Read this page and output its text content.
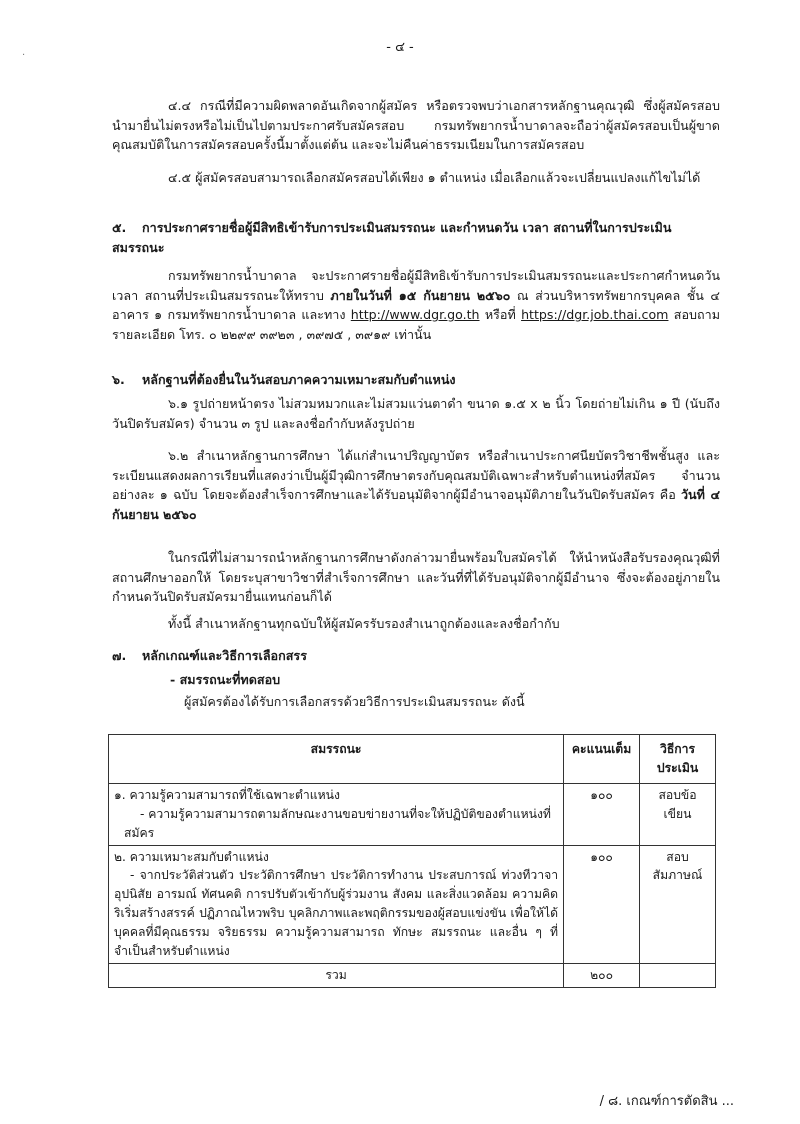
·
- ๔ -
๔.๔ กรณีที่มีความผิดพลาดอันเกิดจากผู้สมัคร หรือตรวจพบว่าเอกสารหลักฐานคุณวุฒิ ซึ่งผู้สมัครสอบนำมายื่นไม่ตรงหรือไม่เป็นไปตามประกาศรับสมัครสอบ กรมทรัพยากรน้ำบาดาลจะถือว่าผู้สมัครสอบเป็นผู้ขาดคุณสมบัติในการสมัครสอบครั้งนี้มาตั้งแต่ต้น และจะไม่คืนค่าธรรมเนียมในการสมัครสอบ
๔.๕ ผู้สมัครสอบสามารถเลือกสมัครสอบได้เพียง ๑ ตำแหน่ง เมื่อเลือกแล้วจะเปลี่ยนแปลงแก้ไขไม่ได้
๕. การประกาศรายชื่อผู้มีสิทธิเข้ารับการประเมินสมรรถนะ และกำหนดวัน เวลา สถานที่ในการประเมินสมรรถนะ
กรมทรัพยากรน้ำบาดาล จะประกาศรายชื่อผู้มีสิทธิเข้ารับการประเมินสมรรถนะและประกาศกำหนดวัน เวลา สถานที่ประเมินสมรรถนะให้ทราบ ภายในวันที่ ๑๕ กันยายน ๒๕๖๐ ณ ส่วนบริหารทรัพยากรบุคคล ชั้น ๔ อาคาร ๑ กรมทรัพยากรน้ำบาดาล และทาง http://www.dgr.go.th หรือที่ https://dgr.job.thai.com สอบถามรายละเอียด โทร. ๐ ๒๒๙๙ ๓๙๒๓ , ๓๙๗๕ , ๓๙๑๙ เท่านั้น
๖. หลักฐานที่ต้องยื่นในวันสอบภาคความเหมาะสมกับตำแหน่ง
๖.๑ รูปถ่ายหน้าตรง ไม่สวมหมวกและไม่สวมแว่นตาดำ ขนาด ๑.๕ x ๒ นิ้ว โดยถ่ายไม่เกิน ๑ ปี (นับถึงวันปิดรับสมัคร) จำนวน ๓ รูป และลงชื่อกำกับหลังรูปถ่าย
๖.๒ สำเนาหลักฐานการศึกษา ได้แก่สำเนาปริญญาบัตร หรือสำเนาประกาศนียบัตรวิชาชีพชั้นสูง และระเบียนแสดงผลการเรียนที่แสดงว่าเป็นผู้มีวุฒิการศึกษาตรงกับคุณสมบัติเฉพาะสำหรับตำแหน่งที่สมัคร จำนวนอย่างละ ๑ ฉบับ โดยจะต้องสำเร็จการศึกษาและได้รับอนุมัติจากผู้มีอำนาจอนุมัติภายในวันปิดรับสมัคร คือ วันที่ ๔ กันยายน ๒๕๖๐
ในกรณีที่ไม่สามารถนำหลักฐานการศึกษาดังกล่าวมายื่นพร้อมใบสมัครได้ ให้นำหนังสือรับรองคุณวุฒิที่สถานศึกษาออกให้ โดยระบุสาขาวิชาที่สำเร็จการศึกษา และวันที่ที่ได้รับอนุมัติจากผู้มีอำนาจ ซึ่งจะต้องอยู่ภายในกำหนดวันปิดรับสมัครมายื่นแทนก่อนก็ได้
ทั้งนี้ สำเนาหลักฐานทุกฉบับให้ผู้สมัครรับรองสำเนาถูกต้องและลงชื่อกำกับ
๗. หลักเกณฑ์และวิธีการเลือกสรร
- สมรรถนะที่ทดสอบ
ผู้สมัครต้องได้รับการเลือกสรรด้วยวิธีการประเมินสมรรถนะ ดังนี้
สมรรถนะ	คะแนนเต็ม	วิธีการประเมิน

๑. ความรู้ความสามารถที่ใช้เฉพาะตำแหน่ง
- ความรู้ความสามารถตามลักษณะงานขอบข่ายงานที่จะให้ปฏิบัติของตำแหน่งที่สมัคร	๑๐๐	สอบข้อเขียน

๒. ความเหมาะสมกับตำแหน่ง
- จากประวัติส่วนตัว ประวัติการศึกษา ประวัติการทำงาน ประสบการณ์ ท่วงทีวาจา อุปนิสัย อารมณ์ ทัศนคติ การปรับตัวเข้ากับผู้ร่วมงาน สังคม และสิ่งแวดล้อม ความคิดริเริ่มสร้างสรรค์ ปฏิภาณไหวพริบ บุคลิกภาพและพฤติกรรมของผู้สอบแข่งขัน เพื่อให้ได้บุคคลที่มีคุณธรรม จริยธรรม ความรู้ความสามารถ ทักษะ สมรรถนะ และอื่น ๆ ที่จำเป็นสำหรับตำแหน่ง	๑๐๐	สอบสัมภาษณ์
รวม	๒๐๐	
/ ๘. เกณฑ์การตัดสิน ...
